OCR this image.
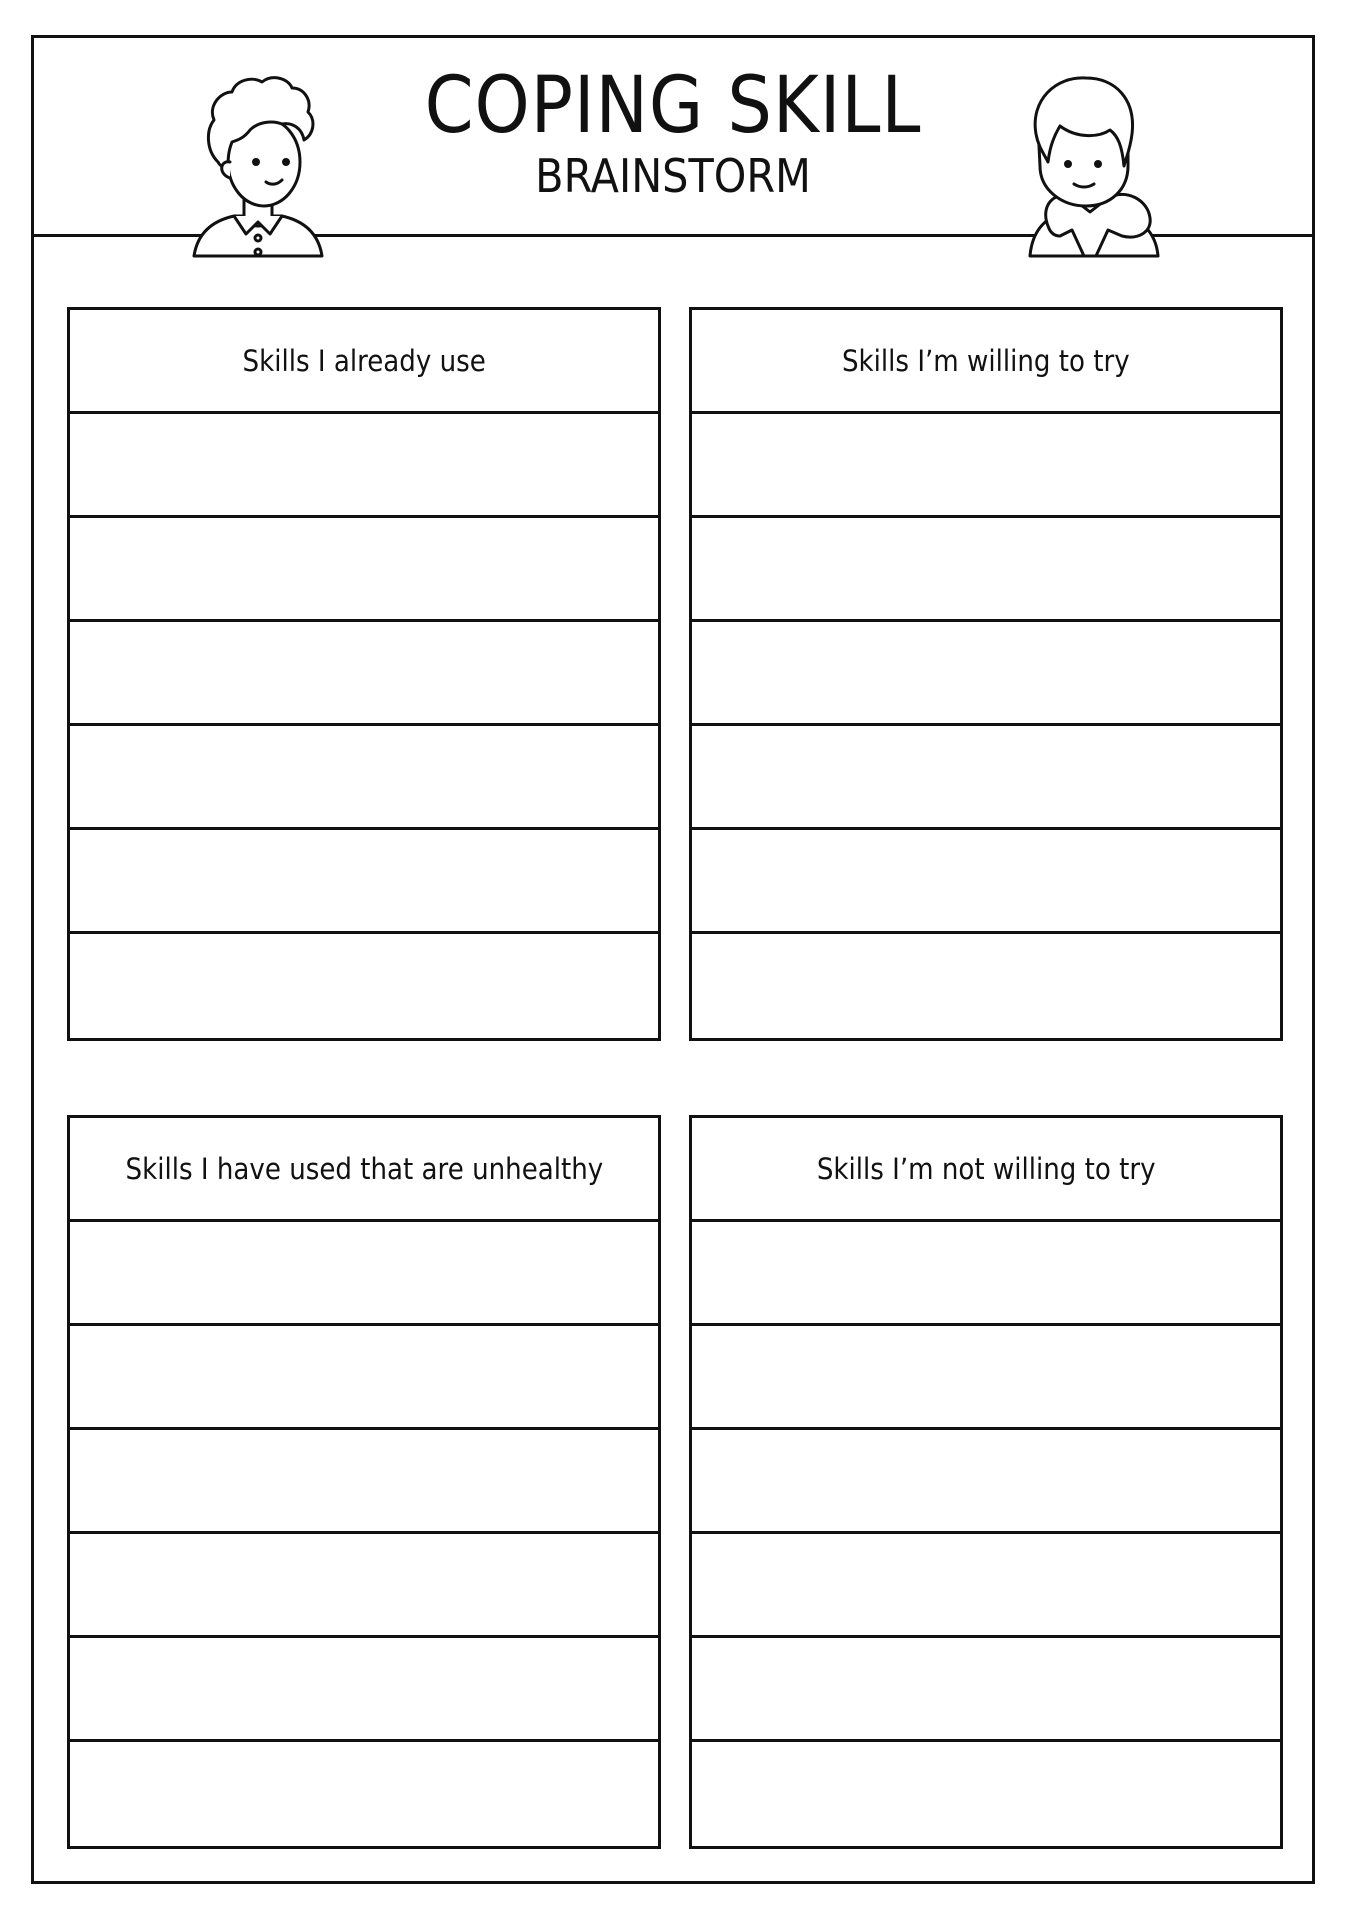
COPING SKILL
BRAINSTORM
Skills I already use	Skills I’m willing to try
Skills I have used that are unhealthy	Skills I’m not willing to try
